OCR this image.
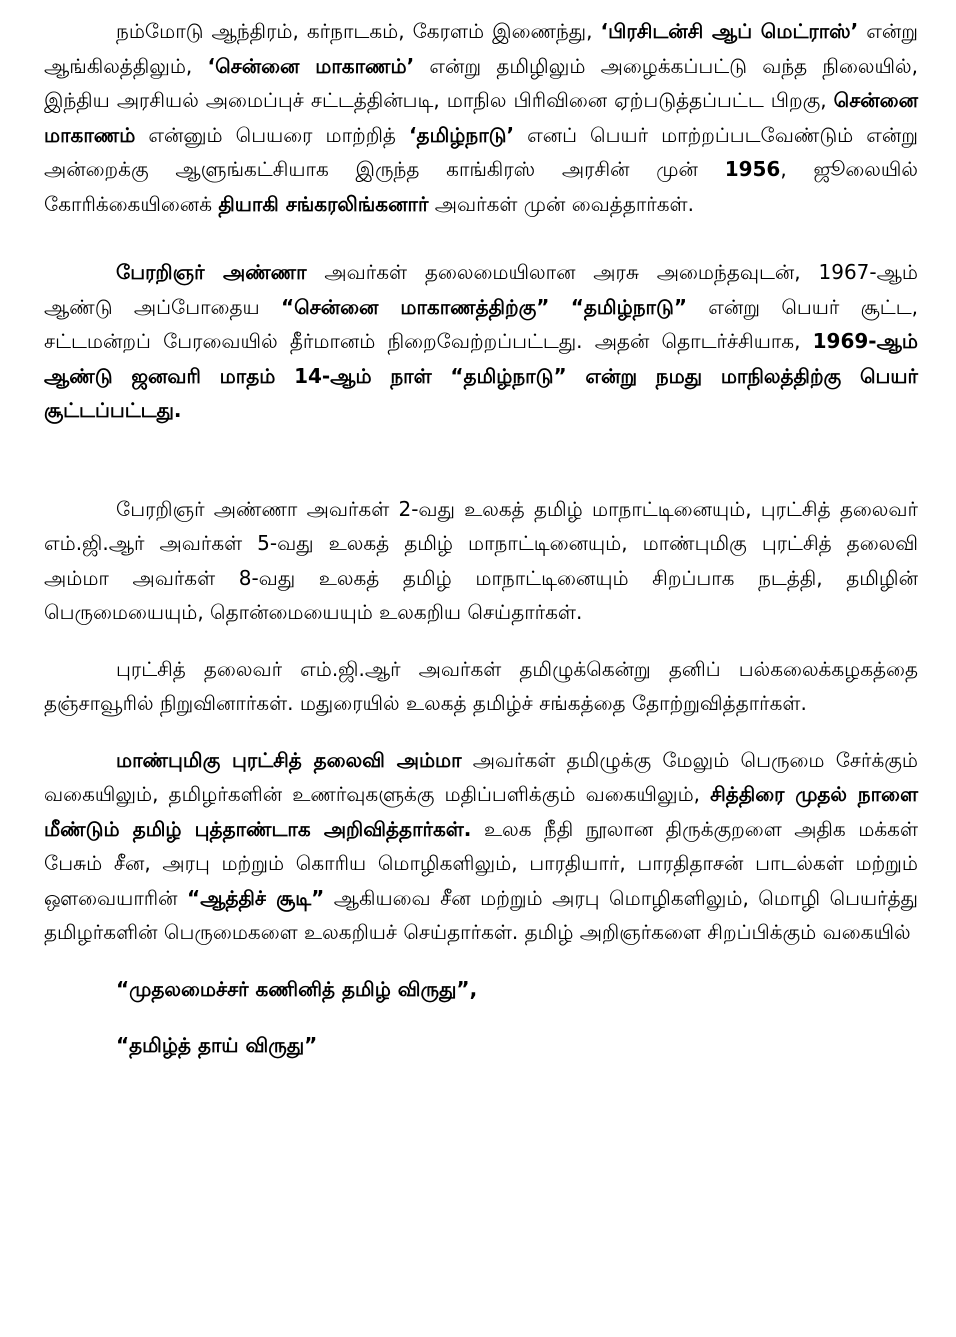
நம்மோடு ஆந்திரம், கர்நாடகம், கேரளம் இணைந்து, ‘பிரசிடன்சி ஆப் மெட்ராஸ்’ என்று ஆங்கிலத்திலும், ‘சென்னை மாகாணம்’ என்று தமிழிலும் அழைக்கப்பட்டு வந்த நிலையில், இந்திய அரசியல் அமைப்புச் சட்டத்தின்படி, மாநில பிரிவினை ஏற்படுத்தப்பட்ட பிறகு, சென்னை மாகாணம் என்னும் பெயரை மாற்றித் ‘தமிழ்நாடு’ எனப் பெயர் மாற்றப்படவேண்டும் என்று அன்றைக்கு ஆளுங்கட்சியாக இருந்த காங்கிரஸ் அரசின் முன் 1956, ஜூலையில் கோரிக்கையினைக் தியாகி சங்கரலிங்கனார் அவர்கள் முன் வைத்தார்கள்.

பேரறிஞர் அண்ணா அவர்கள் தலைமையிலான அரசு அமைந்தவுடன், 1967-ஆம் ஆண்டு அப்போதைய “சென்னை மாகாணத்திற்கு” “தமிழ்நாடு” என்று பெயர் சூட்ட, சட்டமன்றப் பேரவையில் தீர்மானம் நிறைவேற்றப்பட்டது. அதன் தொடர்ச்சியாக, 1969-ஆம் ஆண்டு ஜனவரி மாதம் 14-ஆம் நாள் “தமிழ்நாடு” என்று நமது மாநிலத்திற்கு பெயர் சூட்டப்பட்டது.

பேரறிஞர் அண்ணா அவர்கள் 2-வது உலகத் தமிழ் மாநாட்டினையும், புரட்சித் தலைவர் எம்.ஜி.ஆர் அவர்கள் 5-வது உலகத் தமிழ் மாநாட்டினையும், மாண்புமிகு புரட்சித் தலைவி அம்மா அவர்கள் 8-வது உலகத் தமிழ் மாநாட்டினையும் சிறப்பாக நடத்தி, தமிழின் பெருமையையும், தொன்மையையும் உலகறிய செய்தார்கள்.

புரட்சித் தலைவர் எம்.ஜி.ஆர் அவர்கள் தமிழுக்கென்று தனிப் பல்கலைக்கழகத்தை தஞ்சாவூரில் நிறுவினார்கள். மதுரையில் உலகத் தமிழ்ச் சங்கத்தை தோற்றுவித்தார்கள்.

மாண்புமிகு புரட்சித் தலைவி அம்மா அவர்கள் தமிழுக்கு மேலும் பெருமை சேர்க்கும் வகையிலும், தமிழர்களின் உணர்வுகளுக்கு மதிப்பளிக்கும் வகையிலும், சித்திரை முதல் நாளை மீண்டும் தமிழ் புத்தாண்டாக அறிவித்தார்கள். உலக நீதி நூலான திருக்குறளை அதிக மக்கள் பேசும் சீன, அரபு மற்றும் கொரிய மொழிகளிலும், பாரதியார், பாரதிதாசன் பாடல்கள் மற்றும் ஔவையாரின் “ஆத்திச் சூடி” ஆகியவை சீன மற்றும் அரபு மொழிகளிலும், மொழி பெயர்த்து தமிழர்களின் பெருமைகளை உலகறியச் செய்தார்கள். தமிழ் அறிஞர்களை சிறப்பிக்கும் வகையில்

“முதலமைச்சர் கணினித் தமிழ் விருது”,

“தமிழ்த் தாய் விருது”
